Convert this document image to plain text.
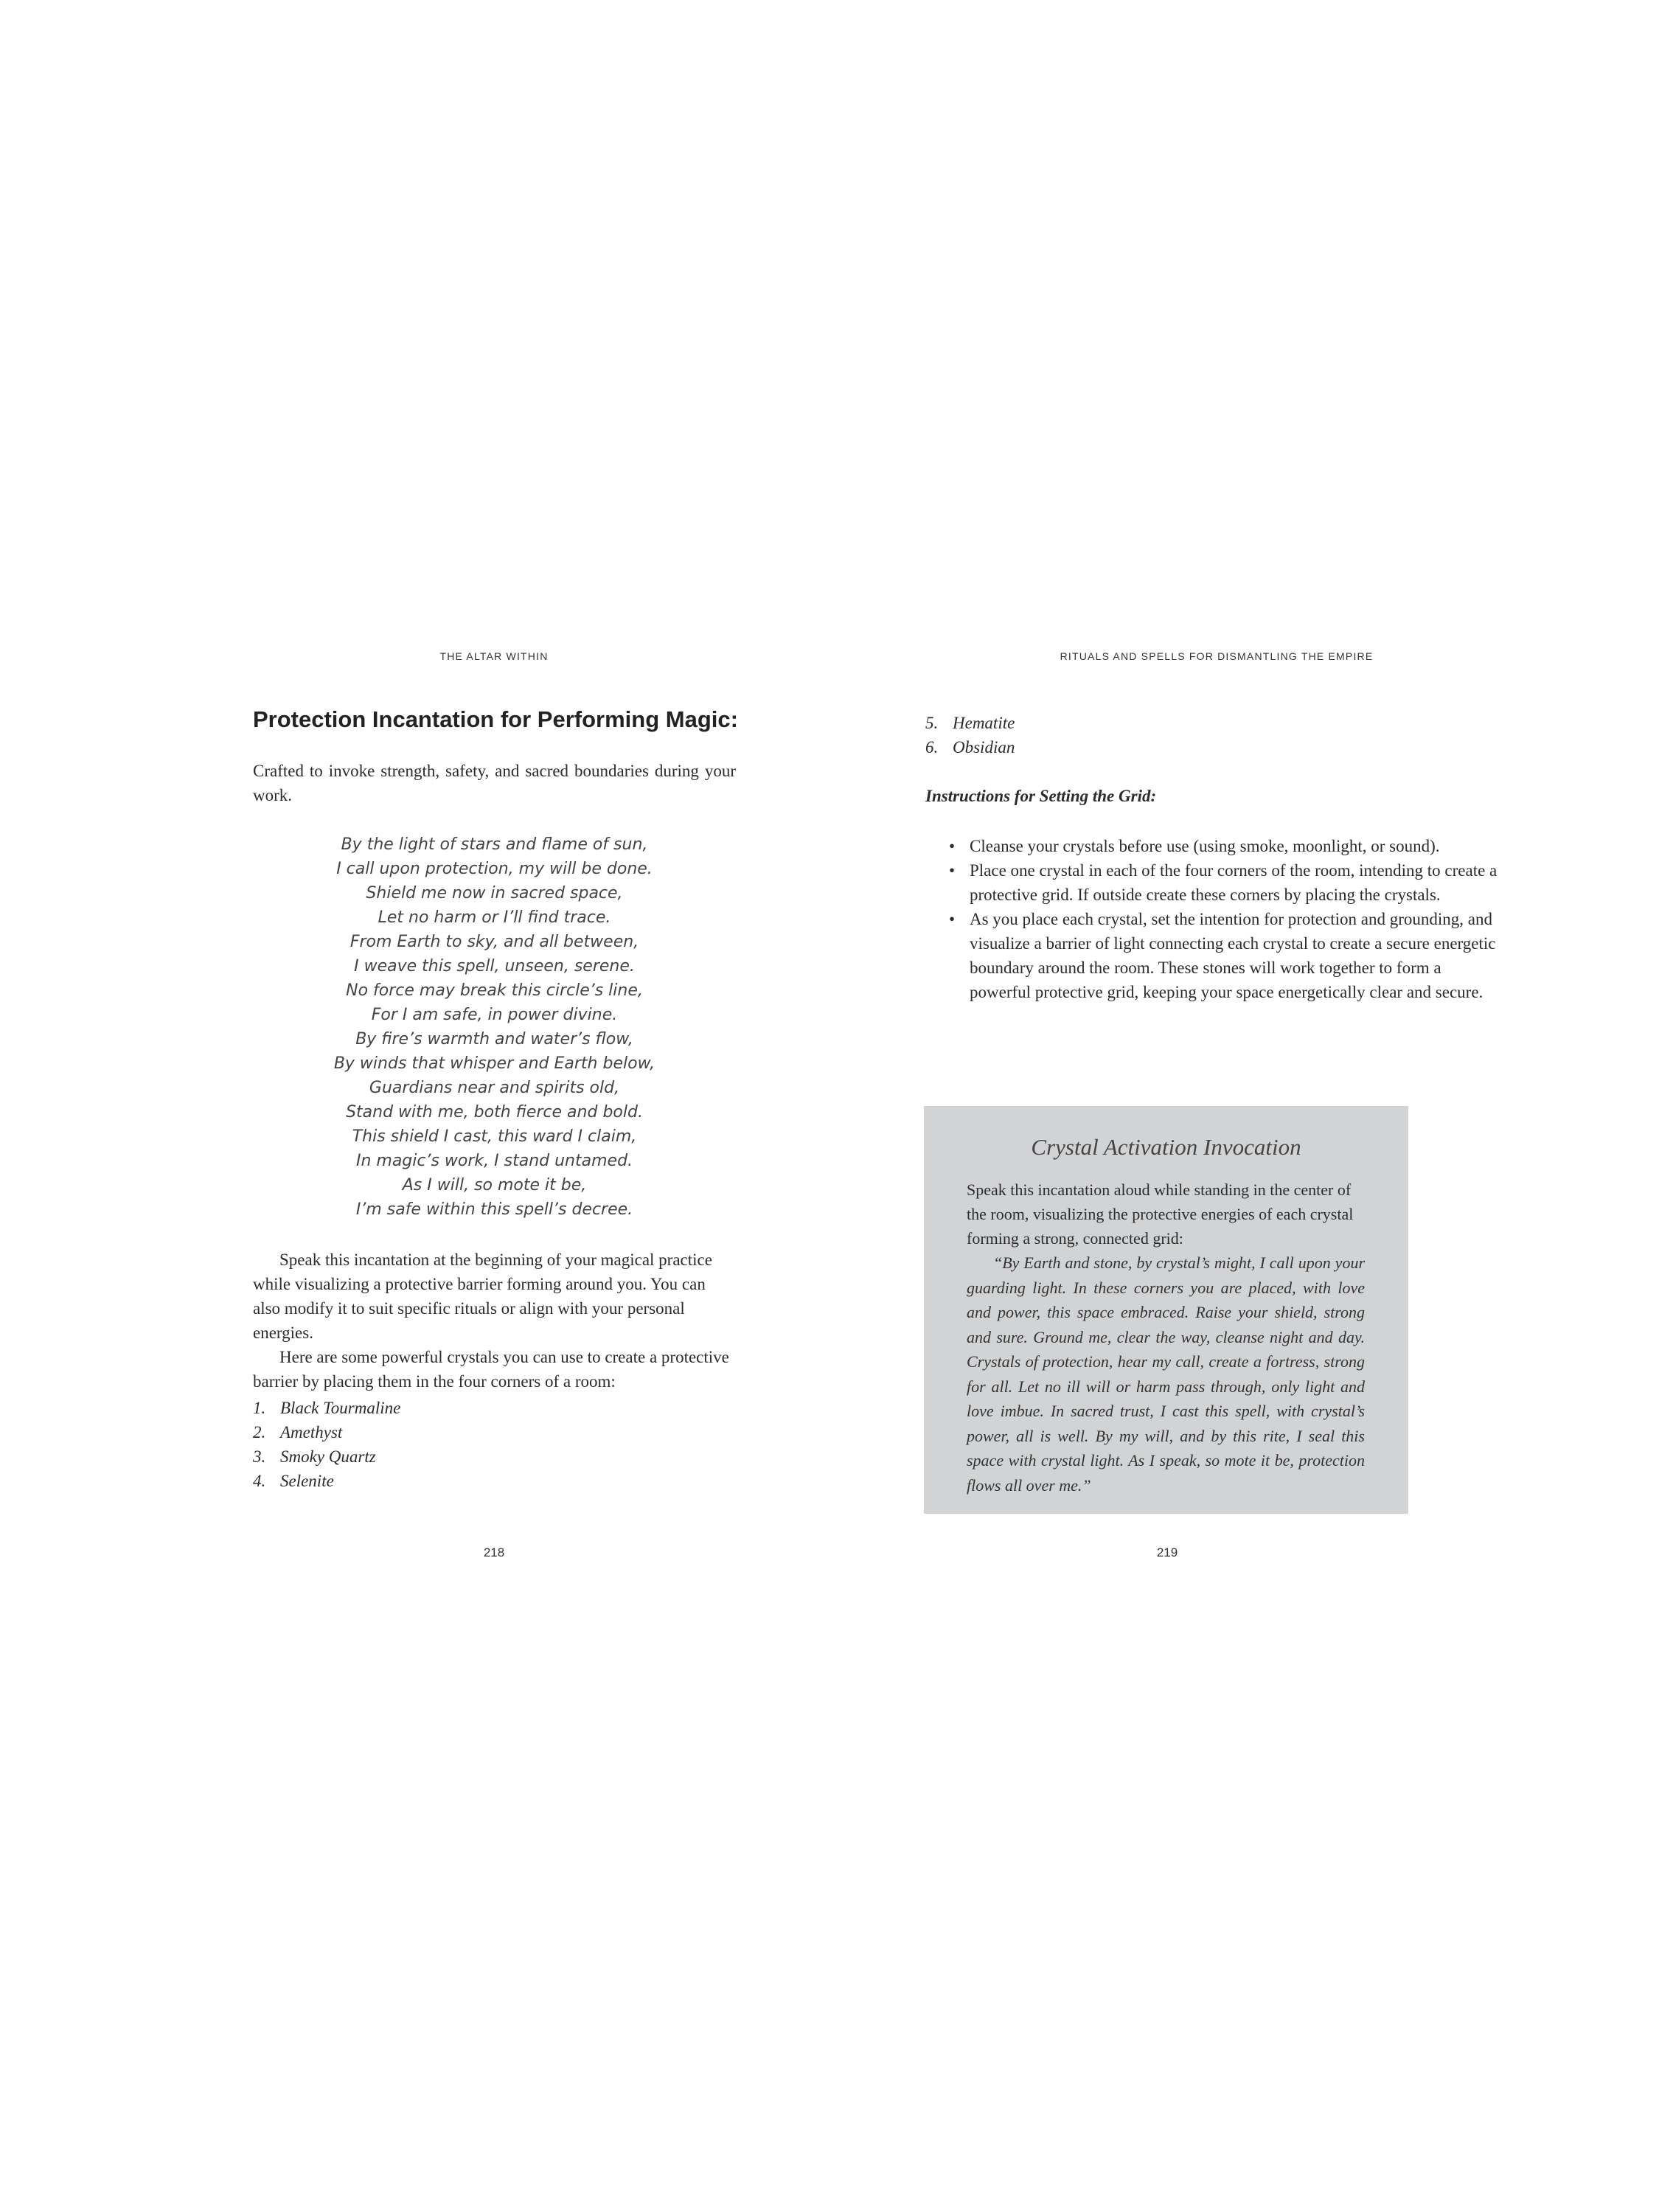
THE ALTAR WITHIN
Protection Incantation for Performing Magic:

Crafted to invoke strength, safety, and sacred boundaries during your work.

By the light of stars and flame of sun,
I call upon protection, my will be done.
Shield me now in sacred space,
Let no harm or I’ll find trace.
From Earth to sky, and all between,
I weave this spell, unseen, serene.
No force may break this circle’s line,
For I am safe, in power divine.
By fire’s warmth and water’s flow,
By winds that whisper and Earth below,
Guardians near and spirits old,
Stand with me, both fierce and bold.
This shield I cast, this ward I claim,
In magic’s work, I stand untamed.
As I will, so mote it be,
I’m safe within this spell’s decree.

Speak this incantation at the beginning of your magical practice while visualizing a protective barrier forming around you. You can also modify it to suit specific rituals or align with your personal energies.

Here are some powerful crystals you can use to create a protective barrier by placing them in the four corners of a room:

1. Black Tourmaline
2. Amethyst
3. Smoky Quartz
4. Selenite
218
RITUALS AND SPELLS FOR DISMANTLING THE EMPIRE
5. Hematite
6. Obsidian

Instructions for Setting the Grid:

• Cleanse your crystals before use (using smoke, moonlight, or sound).
• Place one crystal in each of the four corners of the room, intending to create a protective grid. If outside create these corners by placing the crystals.
• As you place each crystal, set the intention for protection and grounding, and visualize a barrier of light connecting each crystal to create a secure energetic boundary around the room. These stones will work together to form a powerful protective grid, keeping your space energetically clear and secure.
Crystal Activation Invocation

Speak this incantation aloud while standing in the center of the room, visualizing the protective energies of each crystal forming a strong, connected grid:

“By Earth and stone, by crystal’s might, I call upon your guarding light. In these corners you are placed, with love and power, this space embraced. Raise your shield, strong and sure. Ground me, clear the way, cleanse night and day. Crystals of protection, hear my call, create a fortress, strong for all. Let no ill will or harm pass through, only light and love imbue. In sacred trust, I cast this spell, with crystal’s power, all is well. By my will, and by this rite, I seal this space with crystal light. As I speak, so mote it be, protection flows all over me.”

219
